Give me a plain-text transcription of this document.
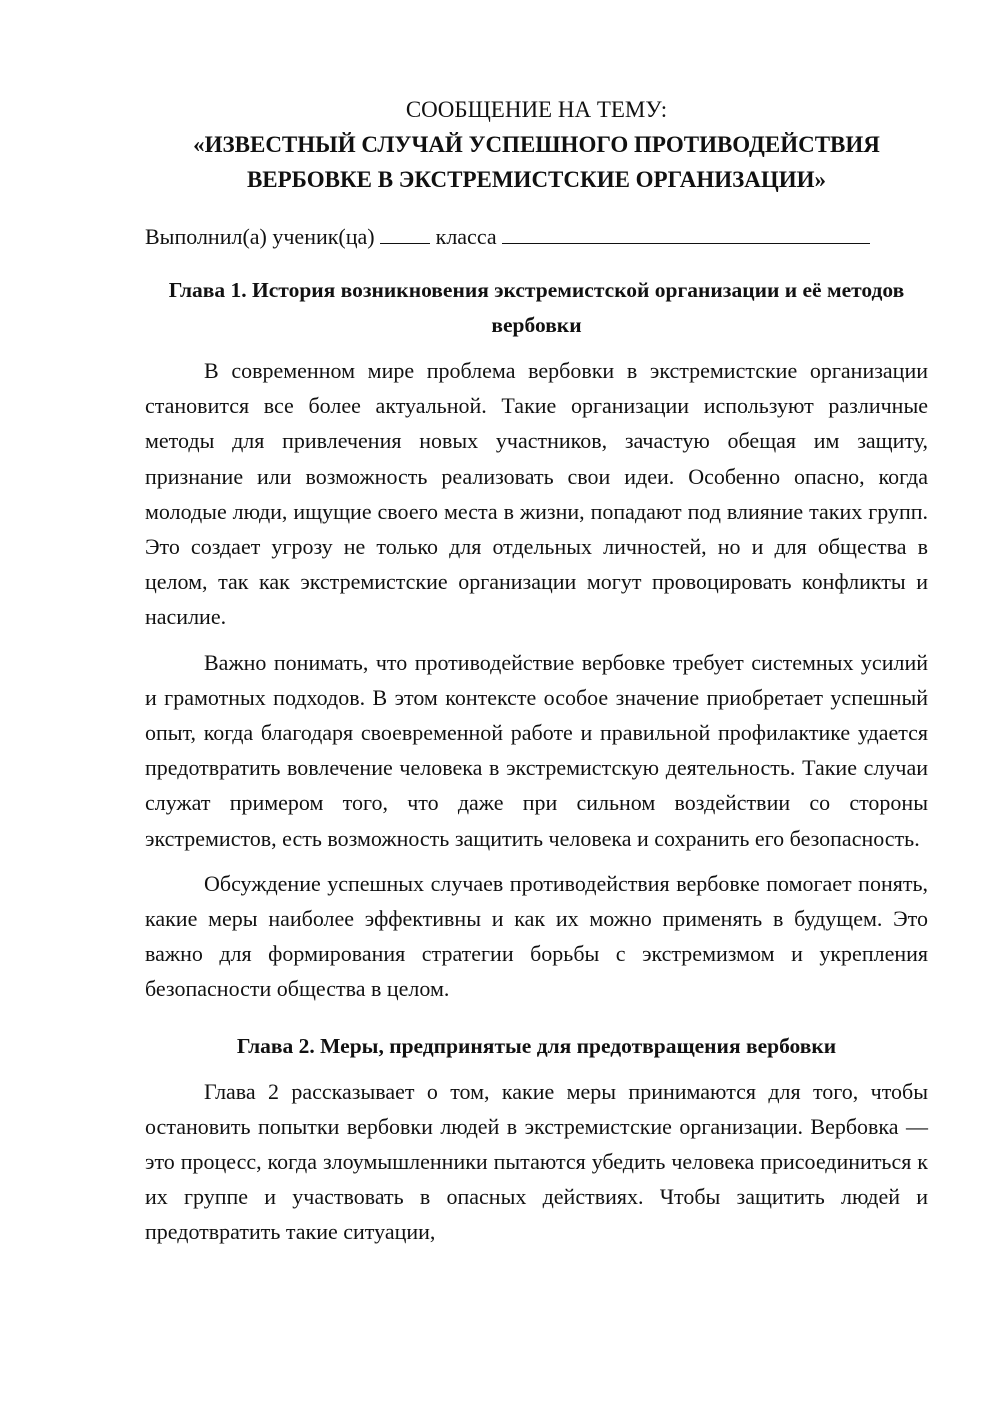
СООБЩЕНИЕ НА ТЕМУ:

«ИЗВЕСТНЫЙ СЛУЧАЙ УСПЕШНОГО ПРОТИВОДЕЙСТВИЯ

ВЕРБОВКЕ В ЭКСТРЕМИСТСКИЕ ОРГАНИЗАЦИИ»

Выполнил(а) ученик(ца)	класса

Глава 1. История возникновения экстремистской организации и её методов вербовки

В современном мире проблема вербовки в экстремистские организации становится все более актуальной. Такие организации используют различные методы для привлечения новых участников, зачастую обещая им защиту, признание или возможность реализовать свои идеи. Особенно опасно, когда молодые люди, ищущие своего места в жизни, попадают под влияние таких групп. Это создает угрозу не только для отдельных личностей, но и для общества в целом, так как экстремистские организации могут провоцировать конфликты и насилие.

Важно понимать, что противодействие вербовке требует системных усилий и грамотных подходов. В этом контексте особое значение приобретает успешный опыт, когда благодаря своевременной работе и правильной профилактике удается предотвратить вовлечение человека в экстремистскую деятельность. Такие случаи служат примером того, что даже при сильном воздействии со стороны экстремистов, есть возможность защитить человека и сохранить его безопасность.

Обсуждение успешных случаев противодействия вербовке помогает понять, какие меры наиболее эффективны и как их можно применять в будущем. Это важно для формирования стратегии борьбы с экстремизмом и укрепления безопасности общества в целом.

Глава 2. Меры, предпринятые для предотвращения вербовки

Глава 2 рассказывает о том, какие меры принимаются для того, чтобы остановить попытки вербовки людей в экстремистские организации. Вербовка — это процесс, когда злоумышленники пытаются убедить человека присоединиться к их группе и участвовать в опасных действиях. Чтобы защитить людей и предотвратить такие ситуации,
